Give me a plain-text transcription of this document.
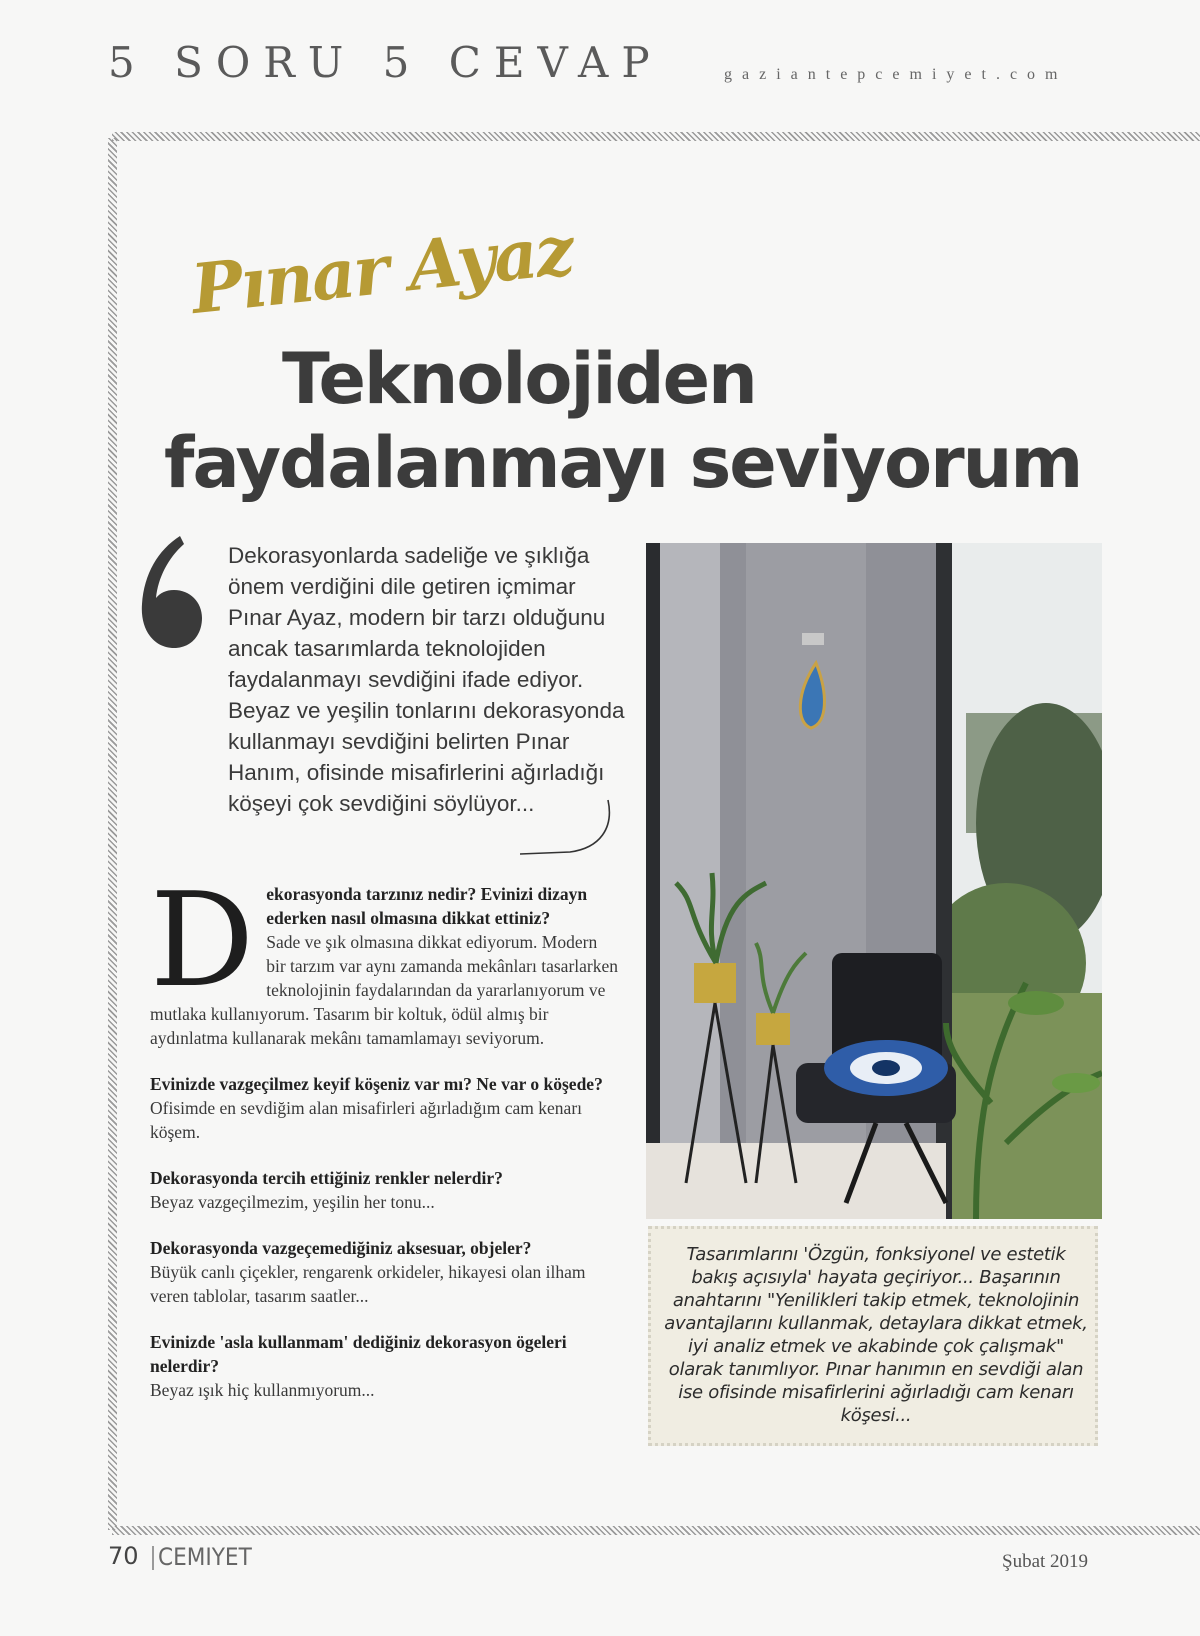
5 SORU 5 CEVAP	gaziantepcemiyet.com
Pınar Ayaz
Teknolojiden
faydalanmayı seviyorum
Dekorasyonlarda sadeliğe ve şıklığa önem verdiğini dile getiren içmimar Pınar Ayaz, modern bir tarzı olduğunu ancak tasarımlarda teknolojiden faydalanmayı sevdiğini ifade ediyor. Beyaz ve yeşilin tonlarını dekorasyonda kullanmayı sevdiğini belirten Pınar Hanım, ofisinde misafirlerini ağırladığı köşeyi çok sevdiğini söylüyor...
D ekorasyonda tarzınız nedir? Evinizi dizayn ederken nasıl olmasına dikkat ettiniz?
Sade ve şık olmasına dikkat ediyorum. Modern bir tarzım var aynı zamanda mekânları tasarlarken teknolojinin faydalarından da yararlanıyorum ve mutlaka kullanıyorum. Tasarım bir koltuk, ödül almış bir aydınlatma kullanarak mekânı tamamlamayı seviyorum.
Evinizde vazgeçilmez keyif köşeniz var mı? Ne var o köşede?
Ofisimde en sevdiğim alan misafirleri ağırladığım cam kenarı köşem.
Dekorasyonda tercih ettiğiniz renkler nelerdir?
Beyaz vazgeçilmezim, yeşilin her tonu...
Dekorasyonda vazgeçemediğiniz aksesuar, objeler?
Büyük canlı çiçekler, rengarenk orkideler, hikayesi olan ilham veren tablolar, tasarım saatler...
Evinizde 'asla kullanmam' dediğiniz dekorasyon ögeleri nelerdir?
Beyaz ışık hiç kullanmıyorum...
Tasarımlarını 'Özgün, fonksiyonel ve estetik bakış açısıyla' hayata geçiriyor... Başarının anahtarını "Yenilikleri takip etmek, teknolojinin avantajlarını kullanmak, detaylara dikkat etmek, iyi analiz etmek ve akabinde çok çalışmak" olarak tanımlıyor. Pınar hanımın en sevdiği alan ise ofisinde misafirlerini ağırladığı cam kenarı köşesi...
70 CEMIYET	Şubat 2019
